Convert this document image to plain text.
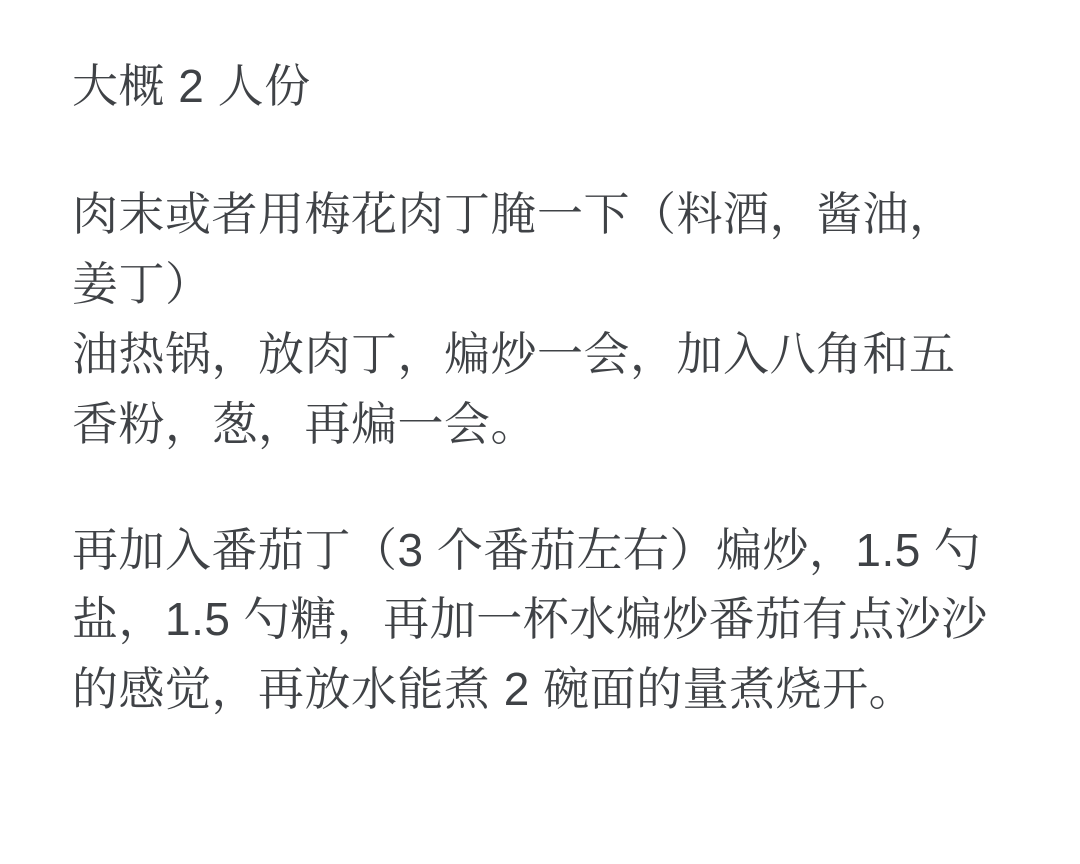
大概 2 人份
肉末或者用梅花肉丁腌一下（料酒，酱油，姜丁）
油热锅，放肉丁，煸炒一会，加入八角和五香粉，葱，再煸一会。
再加入番茄丁（3 个番茄左右）煸炒，1.5 勺盐，1.5 勺糖，再加一杯水煸炒番茄有点沙沙的感觉，再放水能煮 2 碗面的量煮烧开。
